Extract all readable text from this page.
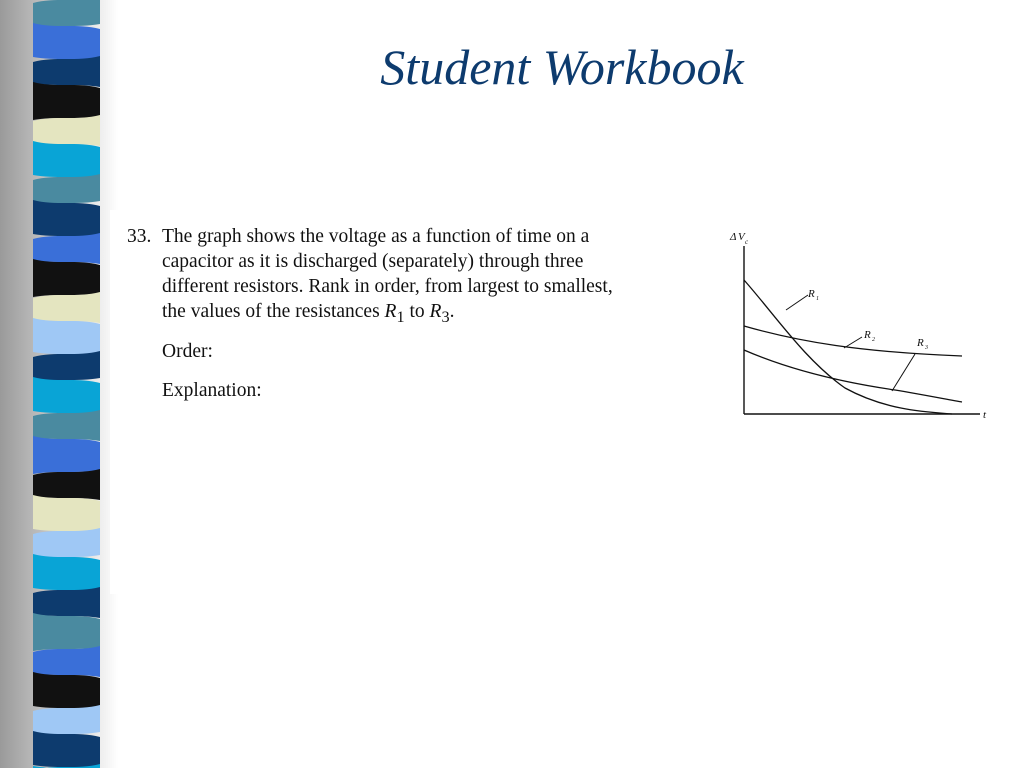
Student Workbook
33. The graph shows the voltage as a function of time on a
capacitor as it is discharged (separately) through three
different resistors. Rank in order, from largest to smallest,
the values of the resistances $R_1$ to $R_3$.
Order:
Explanation:
Δ V c
t
R 1
R 2	R 3
